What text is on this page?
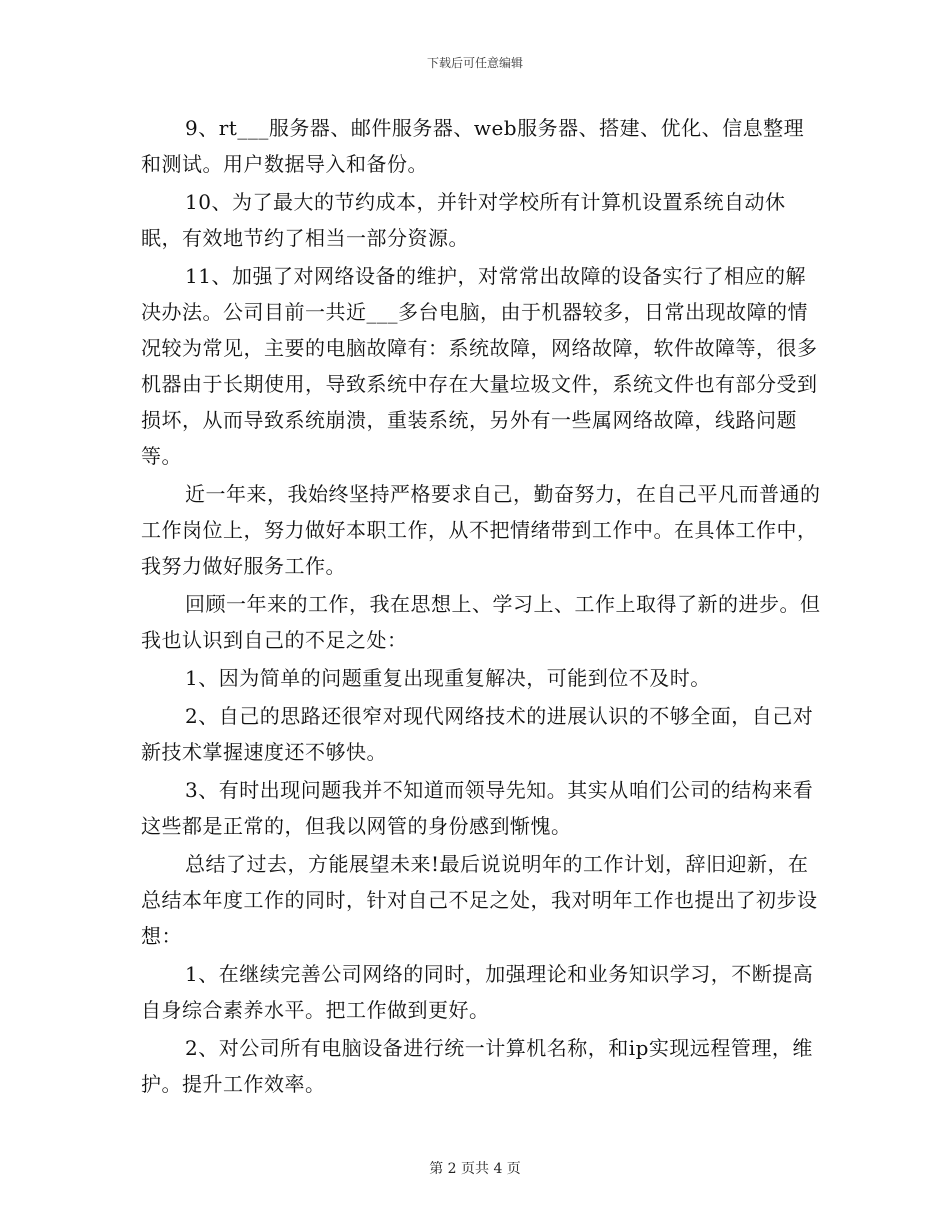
下载后可任意编辑

9、rt___服务器、邮件服务器、web服务器、搭建、优化、信息整理和测试。用户数据导入和备份。

10、为了最大的节约成本，并针对学校所有计算机设置系统自动休眠，有效地节约了相当一部分资源。

11、加强了对网络设备的维护，对常常出故障的设备实行了相应的解决办法。公司目前一共近___多台电脑，由于机器较多，日常出现故障的情况较为常见，主要的电脑故障有：系统故障，网络故障，软件故障等，很多机器由于长期使用，导致系统中存在大量垃圾文件，系统文件也有部分受到损坏，从而导致系统崩溃，重装系统，另外有一些属网络故障，线路问题等。

近一年来，我始终坚持严格要求自己，勤奋努力，在自己平凡而普通的工作岗位上，努力做好本职工作，从不把情绪带到工作中。在具体工作中，我努力做好服务工作。

回顾一年来的工作，我在思想上、学习上、工作上取得了新的进步。但我也认识到自己的不足之处：

1、因为简单的问题重复出现重复解决，可能到位不及时。

2、自己的思路还很窄对现代网络技术的进展认识的不够全面，自己对新技术掌握速度还不够快。

3、有时出现问题我并不知道而领导先知。其实从咱们公司的结构来看这些都是正常的，但我以网管的身份感到惭愧。

总结了过去，方能展望未来!最后说说明年的工作计划，辞旧迎新，在总结本年度工作的同时，针对自己不足之处，我对明年工作也提出了初步设想：

1、在继续完善公司网络的同时，加强理论和业务知识学习，不断提高自身综合素养水平。把工作做到更好。

2、对公司所有电脑设备进行统一计算机名称，和ip实现远程管理，维护。提升工作效率。

第 2 页共 4 页
